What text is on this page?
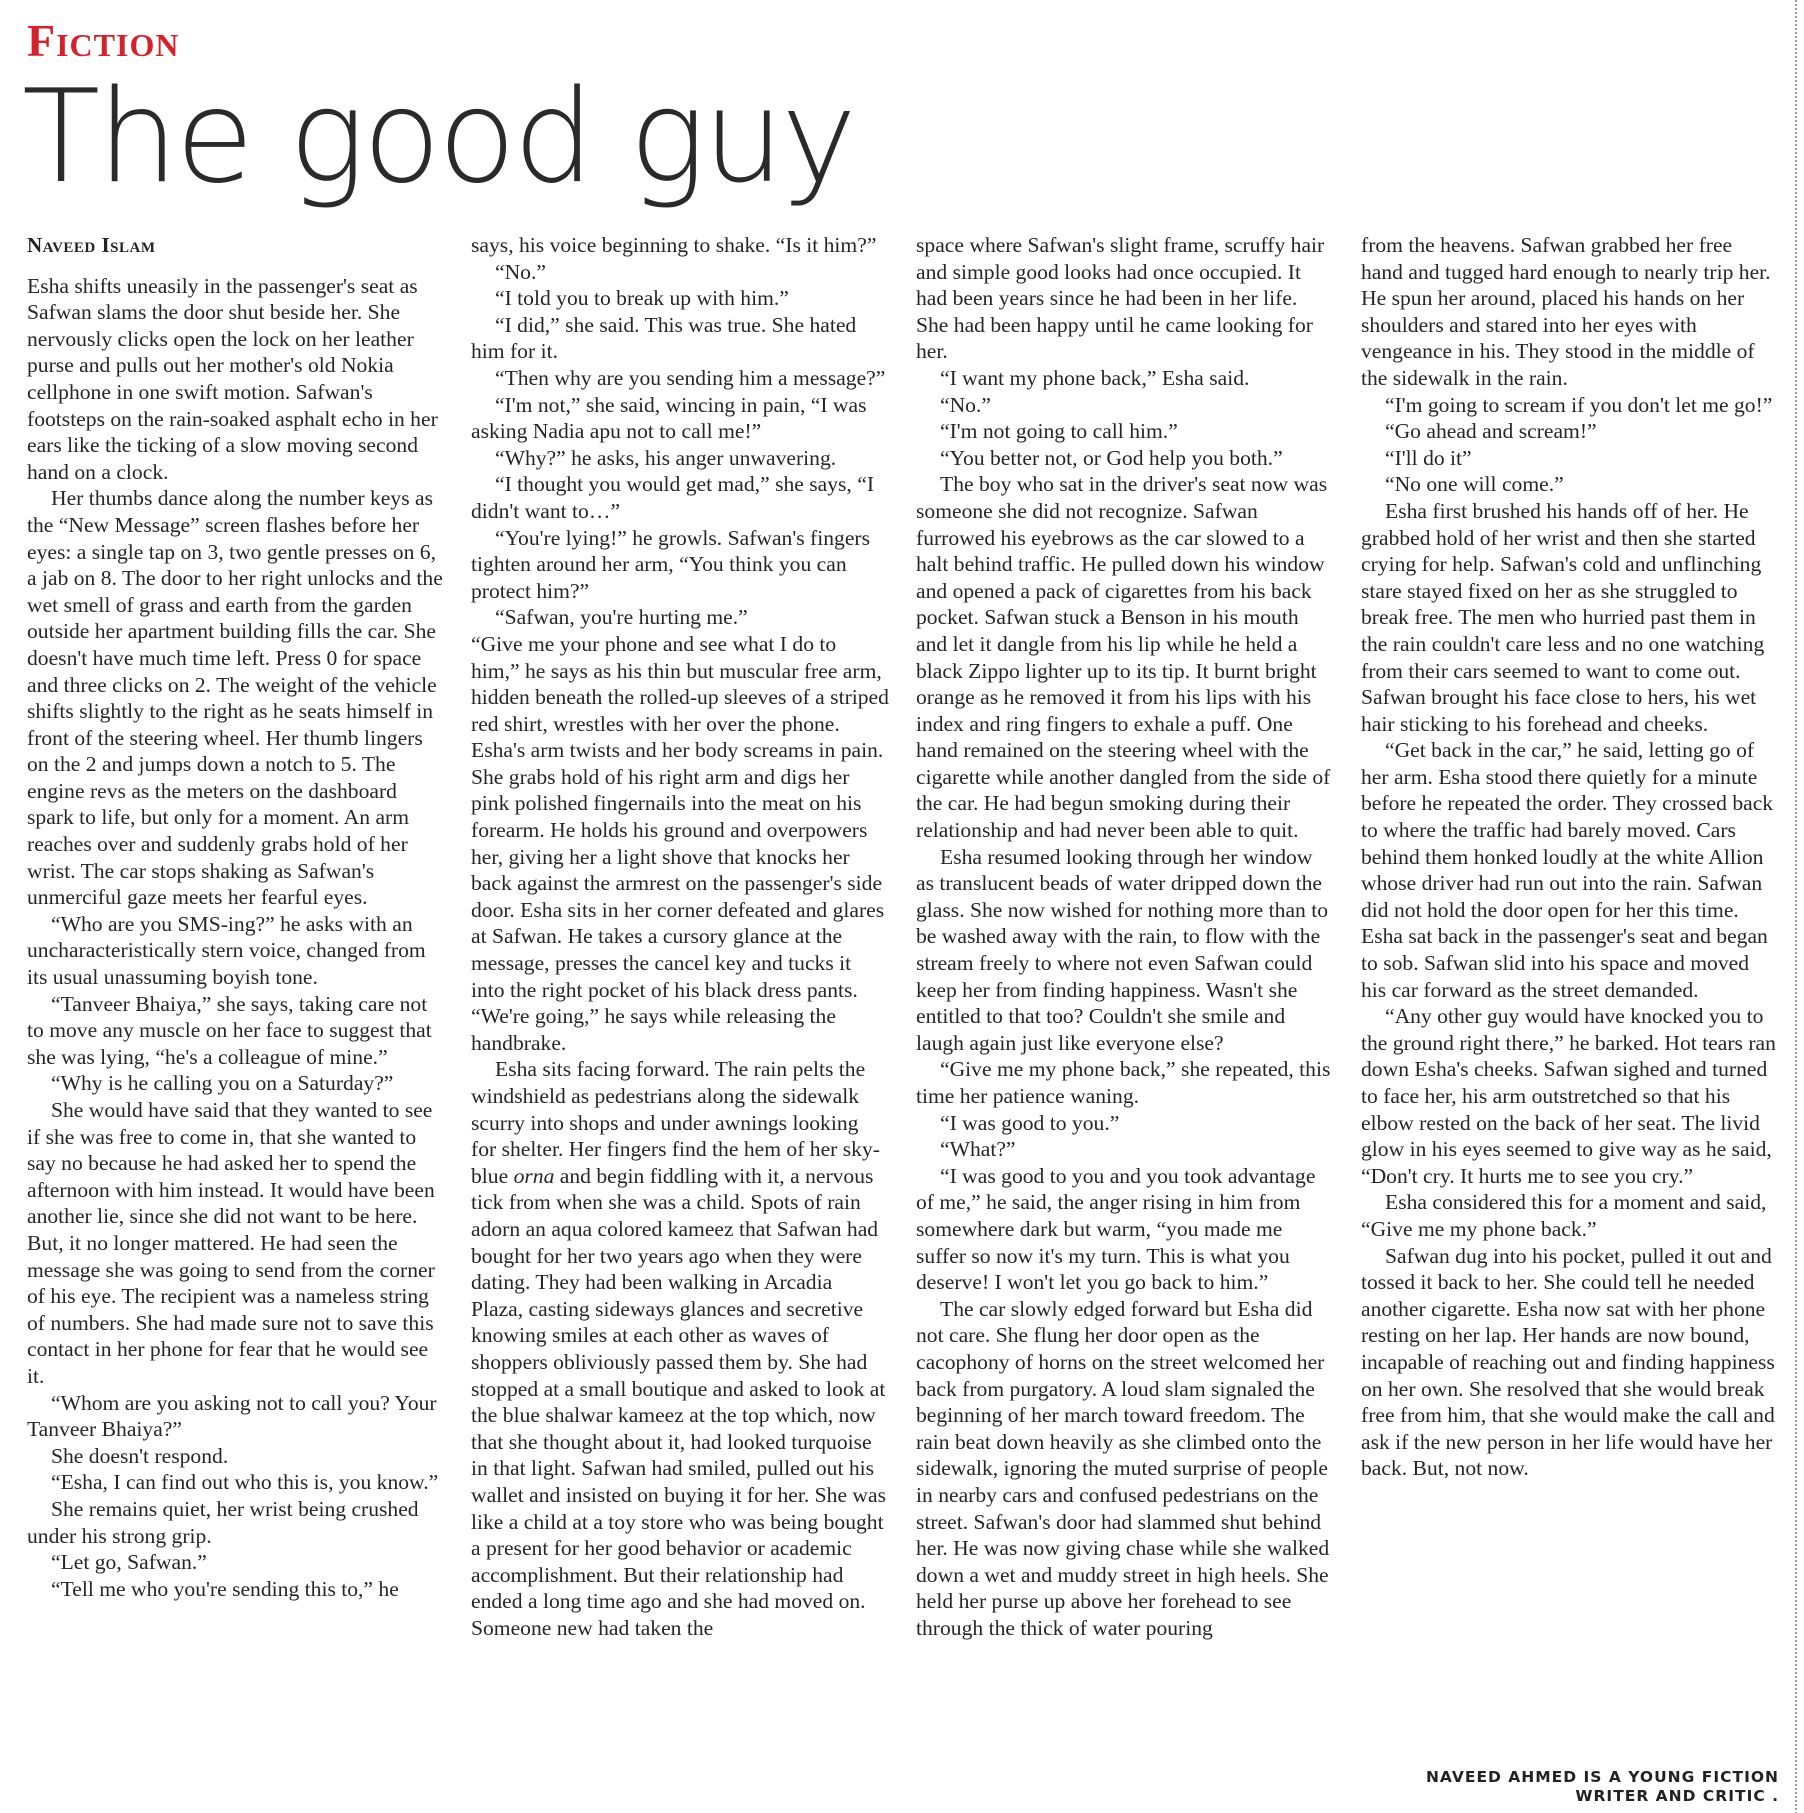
Fiction
The good guy
Naveed Islam

Esha shifts uneasily in the passenger's seat as Safwan slams the door shut beside her. She nervously clicks open the lock on her leather purse and pulls out her mother's old Nokia cellphone in one swift motion. Safwan's footsteps on the rain-soaked asphalt echo in her ears like the ticking of a slow moving second hand on a clock.

Her thumbs dance along the number keys as the “New Message” screen flashes before her eyes: a single tap on 3, two gentle presses on 6, a jab on 8. The door to her right unlocks and the wet smell of grass and earth from the garden outside her apartment building fills the car. She doesn't have much time left. Press 0 for space and three clicks on 2. The weight of the vehicle shifts slightly to the right as he seats himself in front of the steering wheel. Her thumb lingers on the 2 and jumps down a notch to 5. The engine revs as the meters on the dashboard spark to life, but only for a moment. An arm reaches over and suddenly grabs hold of her wrist. The car stops shaking as Safwan's unmerciful gaze meets her fearful eyes.

“Who are you SMS-ing?” he asks with an uncharacteristically stern voice, changed from its usual unassuming boyish tone.

“Tanveer Bhaiya,” she says, taking care not to move any muscle on her face to suggest that she was lying, “he's a colleague of mine.”

“Why is he calling you on a Saturday?”

She would have said that they wanted to see if she was free to come in, that she wanted to say no because he had asked her to spend the afternoon with him instead. It would have been another lie, since she did not want to be here. But, it no longer mattered. He had seen the message she was going to send from the corner of his eye. The recipient was a nameless string of numbers. She had made sure not to save this contact in her phone for fear that he would see it.

“Whom are you asking not to call you? Your Tanveer Bhaiya?”

She doesn't respond.

“Esha, I can find out who this is, you know.”

She remains quiet, her wrist being crushed under his strong grip.

“Let go, Safwan.”

“Tell me who you're sending this to,” he

says, his voice beginning to shake. “Is it him?”

“No.”

“I told you to break up with him.”

“I did,” she said. This was true. She hated him for it.

“Then why are you sending him a message?”

“I'm not,” she said, wincing in pain, “I was asking Nadia apu not to call me!”

“Why?” he asks, his anger unwavering.

“I thought you would get mad,” she says, “I didn't want to…”

“You're lying!” he growls. Safwan's fingers tighten around her arm, “You think you can protect him?”

“Safwan, you're hurting me.”

“Give me your phone and see what I do to him,” he says as his thin but muscular free arm, hidden beneath the rolled-up sleeves of a striped red shirt, wrestles with her over the phone. Esha's arm twists and her body screams in pain. She grabs hold of his right arm and digs her pink polished fingernails into the meat on his forearm. He holds his ground and overpowers her, giving her a light shove that knocks her back against the armrest on the passenger's side door. Esha sits in her corner defeated and glares at Safwan. He takes a cursory glance at the message, presses the cancel key and tucks it into the right pocket of his black dress pants.

“We're going,” he says while releasing the handbrake.

Esha sits facing forward. The rain pelts the windshield as pedestrians along the sidewalk scurry into shops and under awnings looking for shelter. Her fingers find the hem of her sky-blue orna and begin fiddling with it, a nervous tick from when she was a child. Spots of rain adorn an aqua colored kameez that Safwan had bought for her two years ago when they were dating. They had been walking in Arcadia Plaza, casting sideways glances and secretive knowing smiles at each other as waves of shoppers obliviously passed them by. She had stopped at a small boutique and asked to look at the blue shalwar kameez at the top which, now that she thought about it, had looked turquoise in that light. Safwan had smiled, pulled out his wallet and insisted on buying it for her. She was like a child at a toy store who was being bought a present for her good behavior or academic accomplishment. But their relationship had ended a long time ago and she had moved on. Someone new had taken the

space where Safwan's slight frame, scruffy hair and simple good looks had once occupied. It had been years since he had been in her life. She had been happy until he came looking for her.

“I want my phone back,” Esha said.

“No.”

“I'm not going to call him.”

“You better not, or God help you both.”

The boy who sat in the driver's seat now was someone she did not recognize. Safwan furrowed his eyebrows as the car slowed to a halt behind traffic. He pulled down his window and opened a pack of cigarettes from his back pocket. Safwan stuck a Benson in his mouth and let it dangle from his lip while he held a black Zippo lighter up to its tip. It burnt bright orange as he removed it from his lips with his index and ring fingers to exhale a puff. One hand remained on the steering wheel with the cigarette while another dangled from the side of the car. He had begun smoking during their relationship and had never been able to quit.

Esha resumed looking through her window as translucent beads of water dripped down the glass. She now wished for nothing more than to be washed away with the rain, to flow with the stream freely to where not even Safwan could keep her from finding happiness. Wasn't she entitled to that too? Couldn't she smile and laugh again just like everyone else?

“Give me my phone back,” she repeated, this time her patience waning.

“I was good to you.”

“What?”

“I was good to you and you took advantage of me,” he said, the anger rising in him from somewhere dark but warm, “you made me suffer so now it's my turn. This is what you deserve! I won't let you go back to him.”

The car slowly edged forward but Esha did not care. She flung her door open as the cacophony of horns on the street welcomed her back from purgatory. A loud slam signaled the beginning of her march toward freedom. The rain beat down heavily as she climbed onto the sidewalk, ignoring the muted surprise of people in nearby cars and confused pedestrians on the street. Safwan's door had slammed shut behind her. He was now giving chase while she walked down a wet and muddy street in high heels. She held her purse up above her forehead to see through the thick of water pouring

from the heavens. Safwan grabbed her free hand and tugged hard enough to nearly trip her. He spun her around, placed his hands on her shoulders and stared into her eyes with vengeance in his. They stood in the middle of the sidewalk in the rain.

“I'm going to scream if you don't let me go!”

“Go ahead and scream!”

“I'll do it”

“No one will come.”

Esha first brushed his hands off of her. He grabbed hold of her wrist and then she started crying for help. Safwan's cold and unflinching stare stayed fixed on her as she struggled to break free. The men who hurried past them in the rain couldn't care less and no one watching from their cars seemed to want to come out. Safwan brought his face close to hers, his wet hair sticking to his forehead and cheeks.

“Get back in the car,” he said, letting go of her arm. Esha stood there quietly for a minute before he repeated the order. They crossed back to where the traffic had barely moved. Cars behind them honked loudly at the white Allion whose driver had run out into the rain. Safwan did not hold the door open for her this time. Esha sat back in the passenger's seat and began to sob. Safwan slid into his space and moved his car forward as the street demanded.

“Any other guy would have knocked you to the ground right there,” he barked. Hot tears ran down Esha's cheeks. Safwan sighed and turned to face her, his arm outstretched so that his elbow rested on the back of her seat. The livid glow in his eyes seemed to give way as he said, “Don't cry. It hurts me to see you cry.”

Esha considered this for a moment and said, “Give me my phone back.”

Safwan dug into his pocket, pulled it out and tossed it back to her. She could tell he needed another cigarette. Esha now sat with her phone resting on her lap. Her hands are now bound, incapable of reaching out and finding happiness on her own. She resolved that she would break free from him, that she would make the call and ask if the new person in her life would have her back. But, not now.

NAVEED AHMED IS A YOUNG FICTION WRITER AND CRITIC .
